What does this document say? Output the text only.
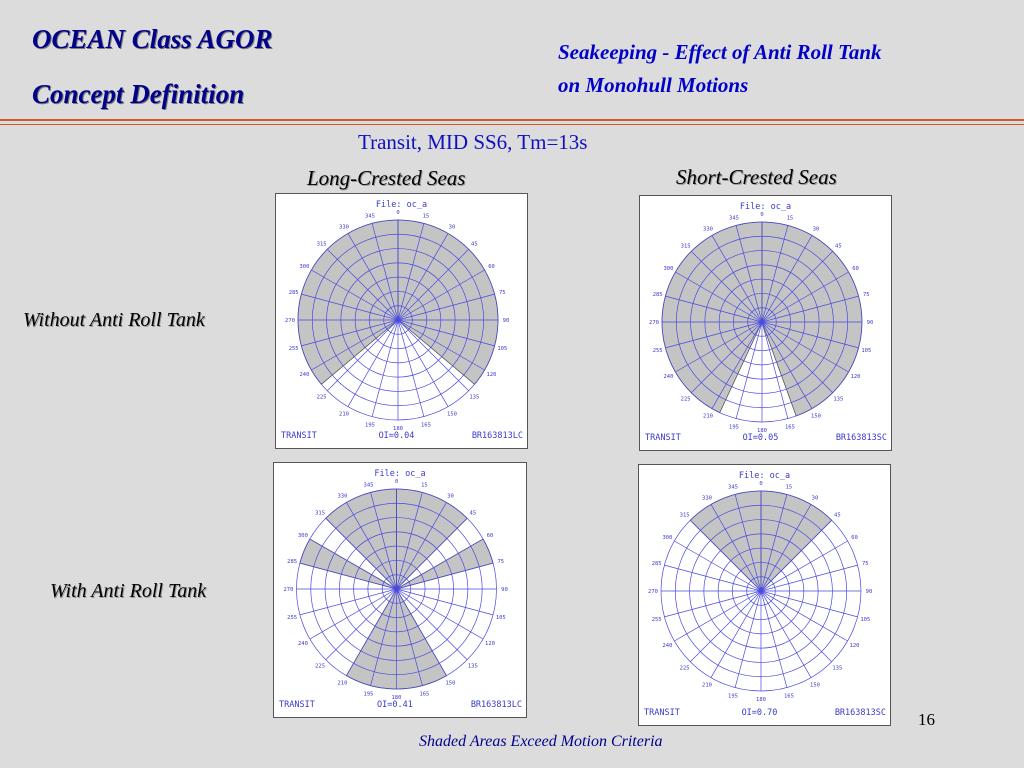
OCEAN Class AGOR
Concept Definition
Seakeeping - Effect of Anti Roll Tank
on Monohull Motions
Transit, MID SS6, Tm=13s
Long-Crested Seas	Short-Crested Seas
Without Anti Roll Tank
With Anti Roll Tank
0
15
30
45
60
75
90
105
120
135
150
165
180
195
210
225
240
255
270
285
300
315
330
345
File: oc_a
TRANSIT	OI=0.04	BR163813LC
0
15
30
45
60
75
90
105
120
135
150
165
180
195
210
225
240
255
270
285
300
315
330
345
File: oc_a
TRANSIT	OI=0.05	BR163813SC
0
15
30
45
60
75
90
105
120
135
150
165
180
195
210
225
240
255
270
285
300
315
330
345
File: oc_a
TRANSIT	OI=0.41	BR163813LC
0
15
30
45
60
75
90
105
120
135
150
165
180
195
210
225
240
255
270
285
300
315
330
345
File: oc_a
TRANSIT	OI=0.70	BR163813SC 16
Shaded Areas Exceed Motion Criteria
